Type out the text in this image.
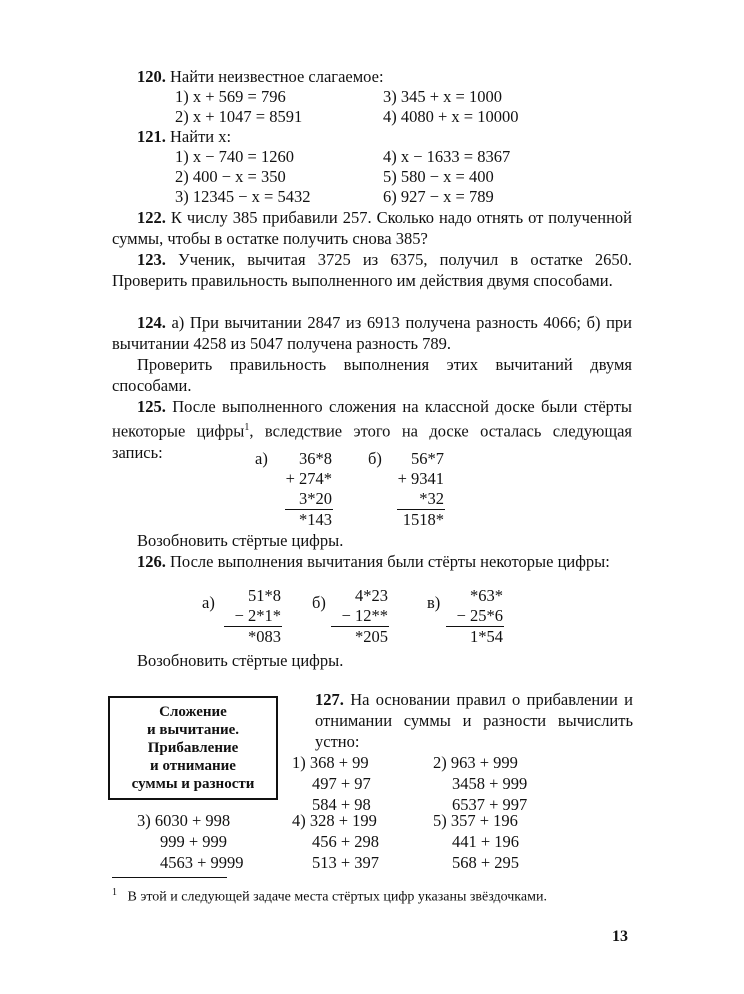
120. Найти неизвестное слагаемое:
1) x + 569 = 796	3) 345 + x = 1000
2) x + 1047 = 8591	4) 4080 + x = 10000
121. Найти x:
1) x − 740 = 1260	4) x − 1633 = 8367
2) 400 − x = 350	5) 580 − x = 400
3) 12345 − x = 5432	6) 927 − x = 789
122. К числу 385 прибавили 257. Сколько надо отнять от полученной суммы, чтобы в остатке получить снова 385?
123. Ученик, вычитая 3725 из 6375, получил в остатке 2650. Проверить правильность выполненного им действия двумя способами.
124. а) При вычитании 2847 из 6913 получена разность 4066; б) при вычитании 4258 из 5047 получена разность 789.
Проверить правильность выполнения этих вычитаний двумя способами.
125. После выполненного сложения на классной доске были стёрты некоторые цифры$^1$, вследствие этого на доске осталась следующая запись:	а)	36*8
+ 274*
3*20
*143
б)	56*7
+ 9341
*32
1518*
Возобновить стёртые цифры.
126. После выполнения вычитания были стёрты некоторые цифры:
а)	51*8
− 2*1*
*083
б)	4*23
− 12**
*205
в)	*63*
− 25*6
1*54
Возобновить стёртые цифры.
Сложение
и вычитание.
Прибавление
и отнимание
суммы и разности
127. На основании правил о прибавлении и отнимании суммы и разности вычислить устно:
1) 368 + 99
497 + 97
584 + 98
2) 963 + 999
3458 + 999
6537 + 997
3) 6030 + 998
999 + 999
4563 + 9999
4) 328 + 199
456 + 298
513 + 397
5) 357 + 196
441 + 196
568 + 295
$^1$ В этой и следующей задаче места стёртых цифр указаны звёздочками.
13
